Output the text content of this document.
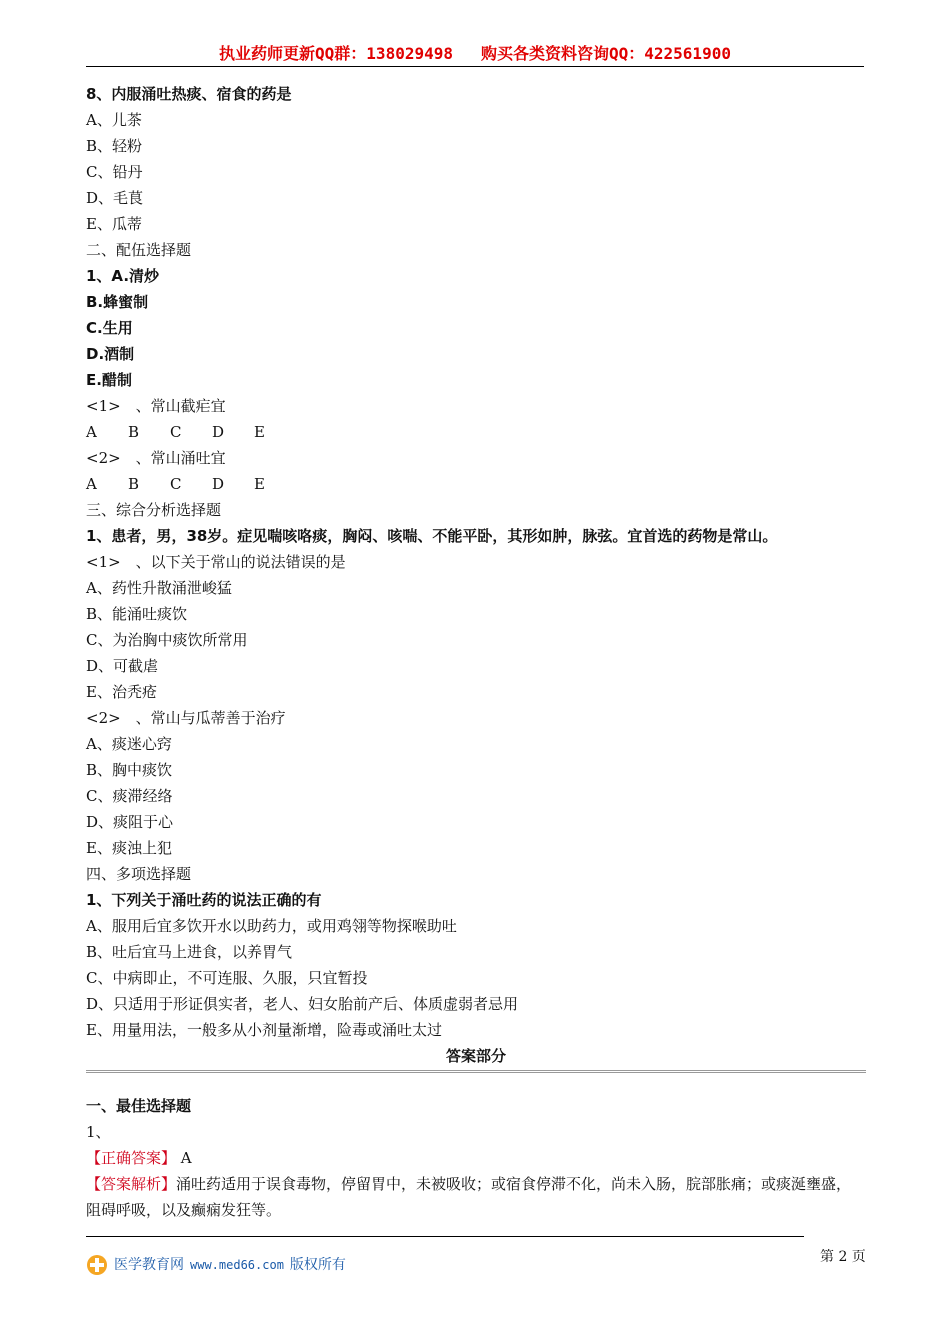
执业药师更新QQ群：138029498 购买各类资料咨询QQ：422561900
8、内服涌吐热痰、宿食的药是
A、儿茶
B、轻粉
C、铅丹
D、毛茛
E、瓜蒂
二、配伍选择题
1、A.清炒
B.蜂蜜制
C.生用
D.酒制
E.醋制
<1>　、常山截疟宜
A B C D E
<2>　、常山涌吐宜
A B C D E
三、综合分析选择题
1、患者，男，38岁。症见喘咳咯痰，胸闷、咳喘、不能平卧，其形如肿，脉弦。宜首选的药物是常山。
<1>　、以下关于常山的说法错误的是
A、药性升散涌泄峻猛
B、能涌吐痰饮
C、为治胸中痰饮所常用
D、可截虐
E、治秃疮
<2>　、常山与瓜蒂善于治疗
A、痰迷心窍
B、胸中痰饮
C、痰滞经络
D、痰阻于心
E、痰浊上犯
四、多项选择题
1、下列关于涌吐药的说法正确的有
A、服用后宜多饮开水以助药力，或用鸡翎等物探喉助吐
B、吐后宜马上进食，以养胃气
C、中病即止，不可连服、久服，只宜暂投
D、只适用于形证俱实者，老人、妇女胎前产后、体质虚弱者忌用
E、用量用法，一般多从小剂量渐增，险毒或涌吐太过
答案部分
一、最佳选择题
1、
【正确答案】 A
【答案解析】涌吐药适用于误食毒物，停留胃中，未被吸收；或宿食停滞不化，尚未入肠，脘部胀痛；或痰涎壅盛，阻碍呼吸，以及癫痫发狂等。
医学教育网 www.med66.com 版权所有	第 2 页
